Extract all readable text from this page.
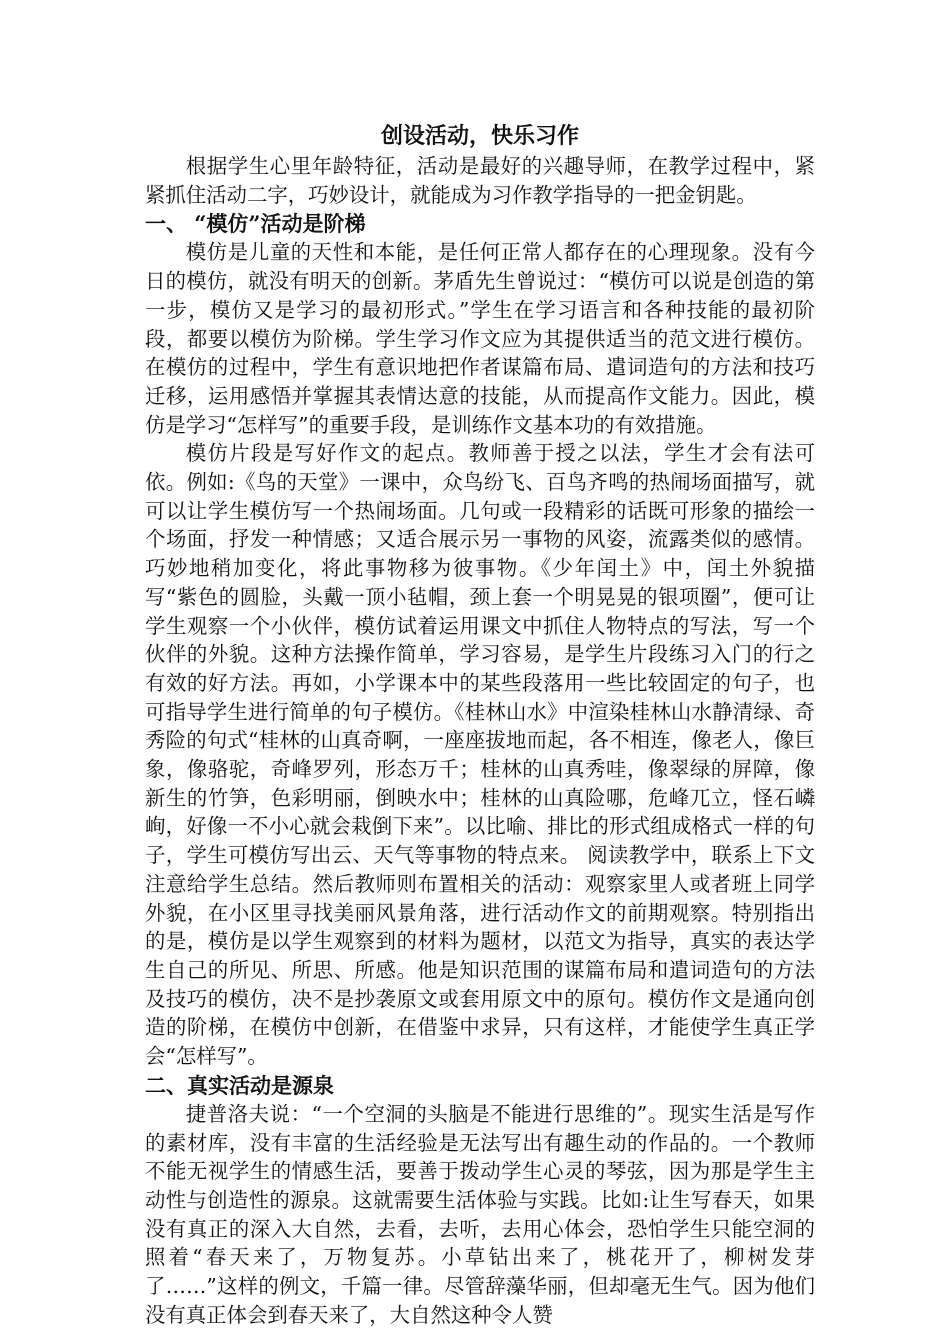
创设活动，快乐习作

根据学生心里年龄特征，活动是最好的兴趣导师，在教学过程中，紧紧抓住活动二字，巧妙设计，就能成为习作教学指导的一把金钥匙。

一、 “模仿”活动是阶梯

模仿是儿童的天性和本能，是任何正常人都存在的心理现象。没有今日的模仿，就没有明天的创新。茅盾先生曾说过：“模仿可以说是创造的第一步，模仿又是学习的最初形式。”学生在学习语言和各种技能的最初阶段，都要以模仿为阶梯。学生学习作文应为其提供适当的范文进行模仿。在模仿的过程中，学生有意识地把作者谋篇布局、遣词造句的方法和技巧迁移，运用感悟并掌握其表情达意的技能，从而提高作文能力。因此，模仿是学习“怎样写”的重要手段，是训练作文基本功的有效措施。

模仿片段是写好作文的起点。教师善于授之以法，学生才会有法可依。例如:《鸟的天堂》一课中，众鸟纷飞、百鸟齐鸣的热闹场面描写，就可以让学生模仿写一个热闹场面。几句或一段精彩的话既可形象的描绘一个场面，抒发一种情感；又适合展示另一事物的风姿，流露类似的感情。巧妙地稍加变化，将此事物移为彼事物。《少年闰土》中，闰土外貌描写“紫色的圆脸，头戴一顶小毡帽，颈上套一个明晃晃的银项圈”，便可让学生观察一个小伙伴，模仿试着运用课文中抓住人物特点的写法，写一个伙伴的外貌。这种方法操作简单，学习容易，是学生片段练习入门的行之有效的好方法。再如，小学课本中的某些段落用一些比较固定的句子，也可指导学生进行简单的句子模仿。《桂林山水》中渲染桂林山水静清绿、奇秀险的句式“桂林的山真奇啊，一座座拔地而起，各不相连，像老人，像巨象，像骆驼，奇峰罗列，形态万千；桂林的山真秀哇，像翠绿的屏障，像新生的竹笋，色彩明丽，倒映水中；桂林的山真险哪，危峰兀立，怪石嶙峋，好像一不小心就会栽倒下来”。以比喻、排比的形式组成格式一样的句子，学生可模仿写出云、天气等事物的特点来。 阅读教学中，联系上下文注意给学生总结。然后教师则布置相关的活动：观察家里人或者班上同学外貌，在小区里寻找美丽风景角落，进行活动作文的前期观察。特别指出的是，模仿是以学生观察到的材料为题材，以范文为指导，真实的表达学生自己的所见、所思、所感。他是知识范围的谋篇布局和遣词造句的方法及技巧的模仿，决不是抄袭原文或套用原文中的原句。模仿作文是通向创造的阶梯，在模仿中创新，在借鉴中求异，只有这样，才能使学生真正学会“怎样写”。

二、真实活动是源泉

捷普洛夫说：“一个空洞的头脑是不能进行思维的”。现实生活是写作的素材库，没有丰富的生活经验是无法写出有趣生动的作品的。一个教师不能无视学生的情感生活，要善于拨动学生心灵的琴弦，因为那是学生主动性与创造性的源泉。这就需要生活体验与实践。比如:让生写春天，如果没有真正的深入大自然，去看，去听，去用心体会，恐怕学生只能空洞的照着“春天来了，万物复苏。小草钻出来了，桃花开了，柳树发芽了……”这样的例文，千篇一律。尽管辞藻华丽，但却毫无生气。因为他们没有真正体会到春天来了，大自然这种令人赞
